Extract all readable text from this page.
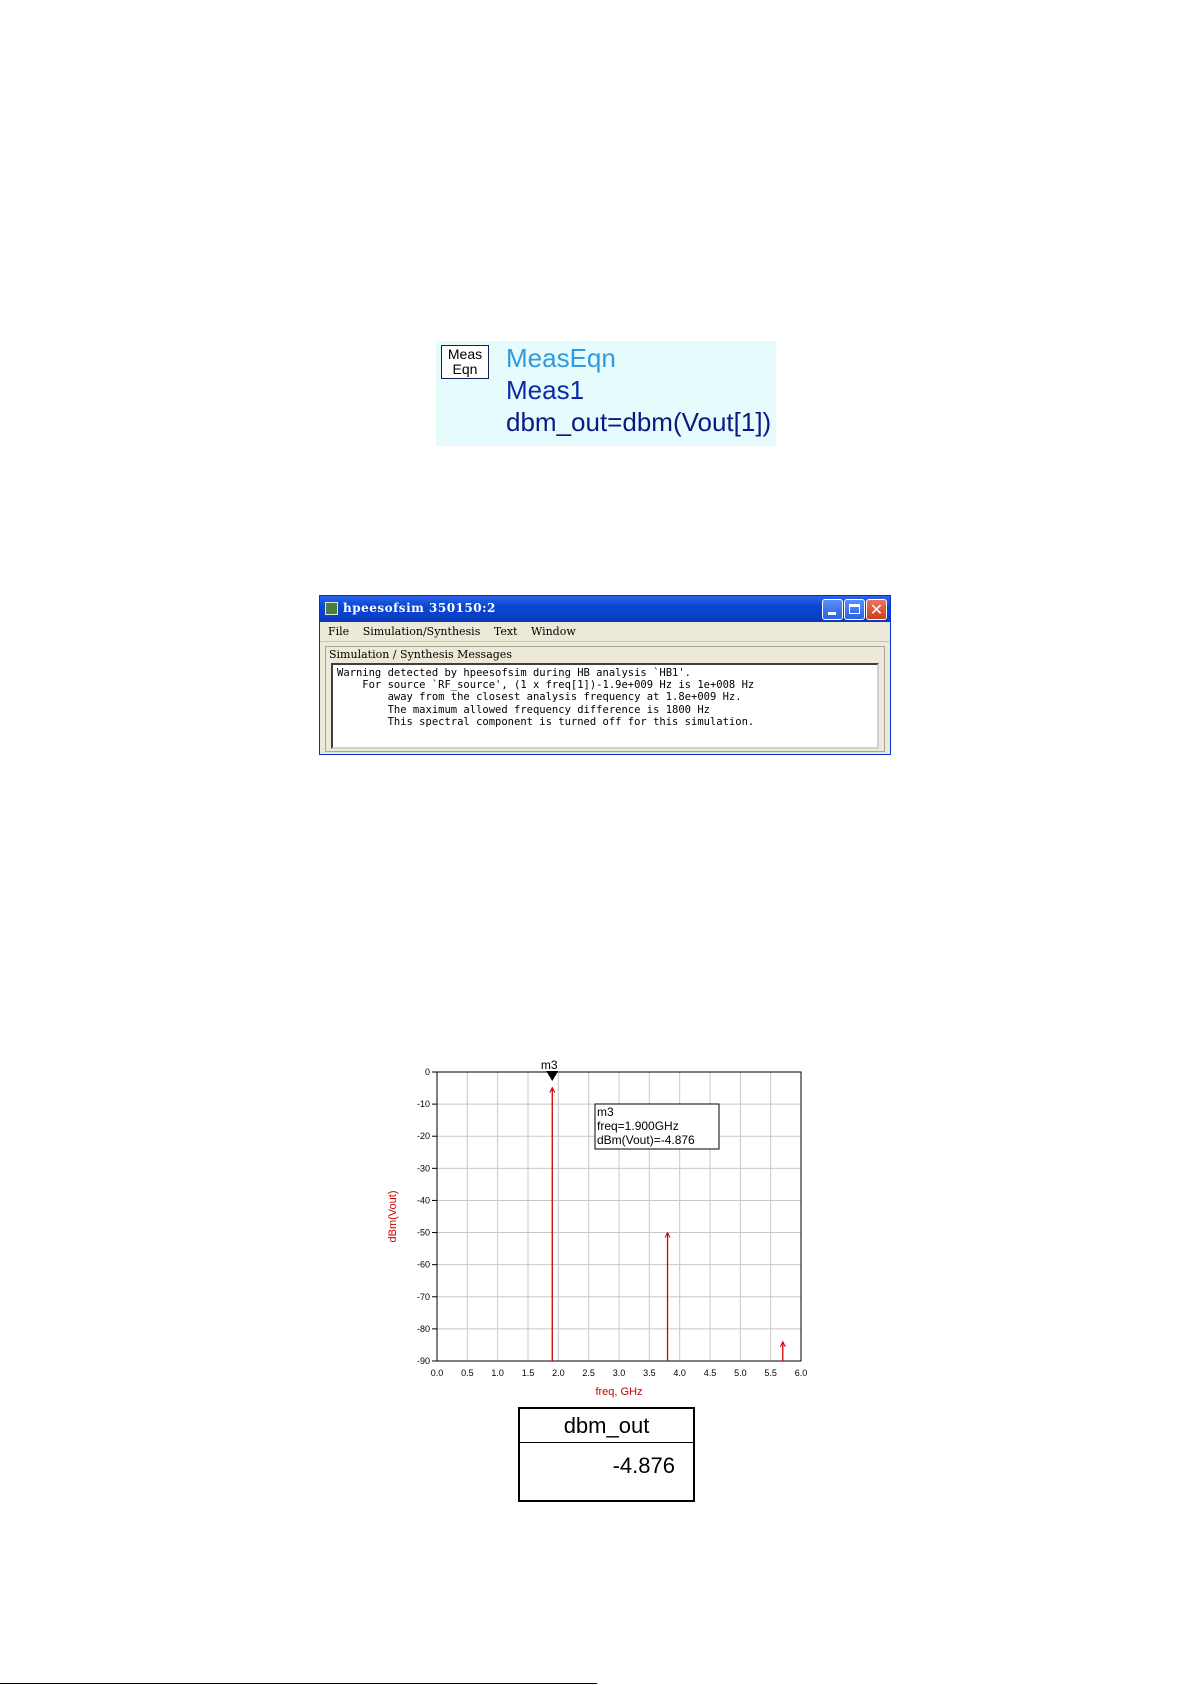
Meas
Eqn	MeasEqn
Meas1
dbm_out=dbm(Vout[1])
hpeesofsim 350150:2	✕
File Simulation/Synthesis Text Window
Simulation / Synthesis Messages
Warning detected by hpeesofsim during HB analysis `HB1'.
For source `RF_source', (1 x freq[1])-1.9e+009 Hz is 1e+008 Hz
away from the closest analysis frequency at 1.8e+009 Hz.
The maximum allowed frequency difference is 1800 Hz
This spectral component is turned off for this simulation.
0.0 0.5 1.0 1.5 2.0 2.5 3.0 3.5 4.0 4.5 5.0 5.5 6.0
0
-10
-20
-30
-40
-50
-60
-70
-80
-90
freq, GHz
dBm(Vout)
m3
m3
freq=1.900GHz
dBm(Vout)=-4.876
dbm_out
-4.876
